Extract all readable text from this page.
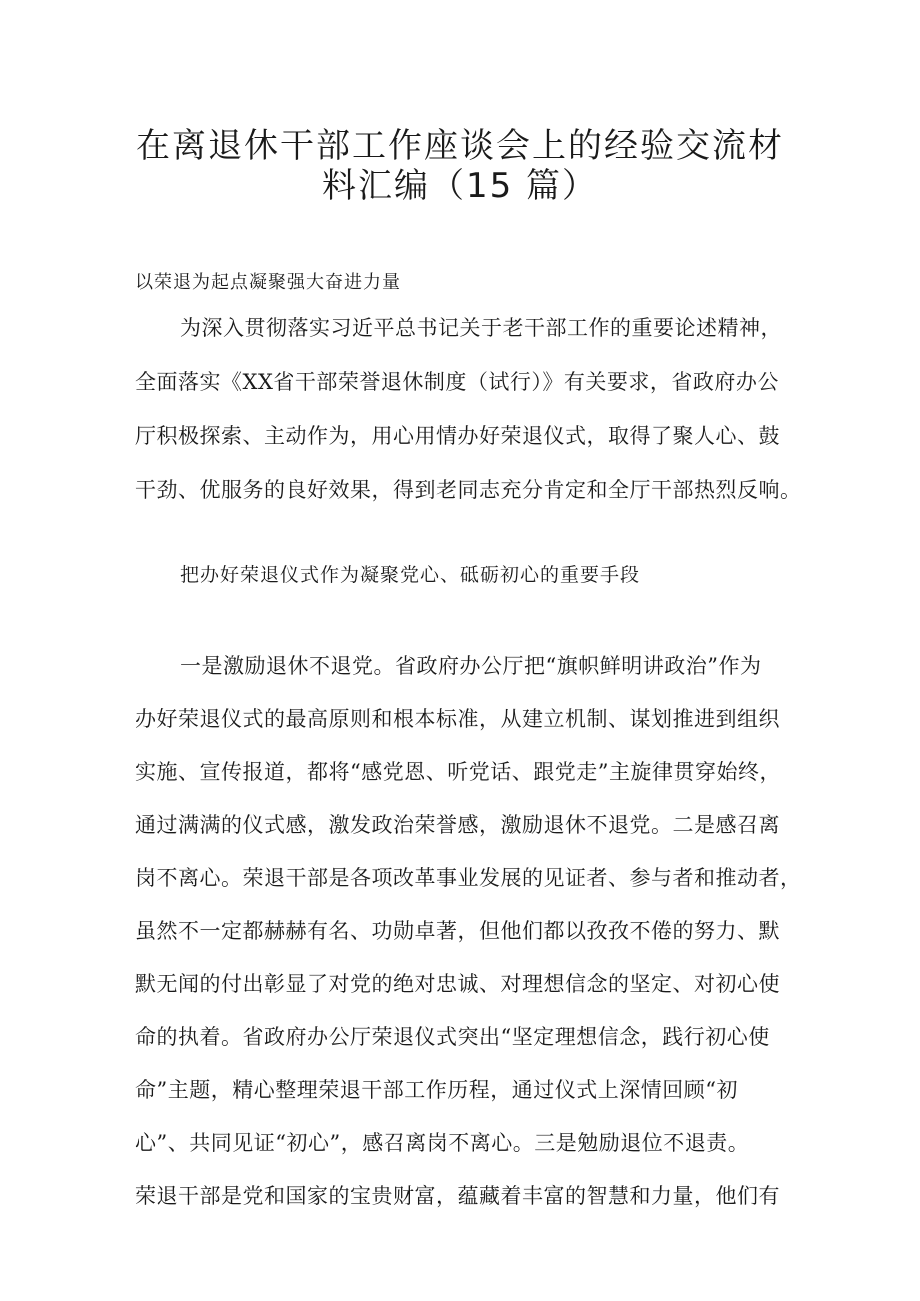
在离退休干部工作座谈会上的经验交流材
料汇编（15 篇）

以荣退为起点凝聚强大奋进力量

为深入贯彻落实习近平总书记关于老干部工作的重要论述精神，

全面落实《XX省干部荣誉退休制度（试行）》有关要求，省政府办公

厅积极探索、主动作为，用心用情办好荣退仪式，取得了聚人心、鼓

干劲、优服务的良好效果，得到老同志充分肯定和全厅干部热烈反响。

把办好荣退仪式作为凝聚党心、砥砺初心的重要手段

一是激励退休不退党。省政府办公厅把“旗帜鲜明讲政治”作为

办好荣退仪式的最高原则和根本标准，从建立机制、谋划推进到组织

实施、宣传报道，都将“感党恩、听党话、跟党走”主旋律贯穿始终，

通过满满的仪式感，激发政治荣誉感，激励退休不退党。二是感召离

岗不离心。荣退干部是各项改革事业发展的见证者、参与者和推动者，

虽然不一定都赫赫有名、功勋卓著，但他们都以孜孜不倦的努力、默

默无闻的付出彰显了对党的绝对忠诚、对理想信念的坚定、对初心使

命的执着。省政府办公厅荣退仪式突出“坚定理想信念，践行初心使

命”主题，精心整理荣退干部工作历程，通过仪式上深情回顾“初

心”、共同见证“初心”，感召离岗不离心。三是勉励退位不退责。

荣退干部是党和国家的宝贵财富，蕴藏着丰富的智慧和力量，他们有
